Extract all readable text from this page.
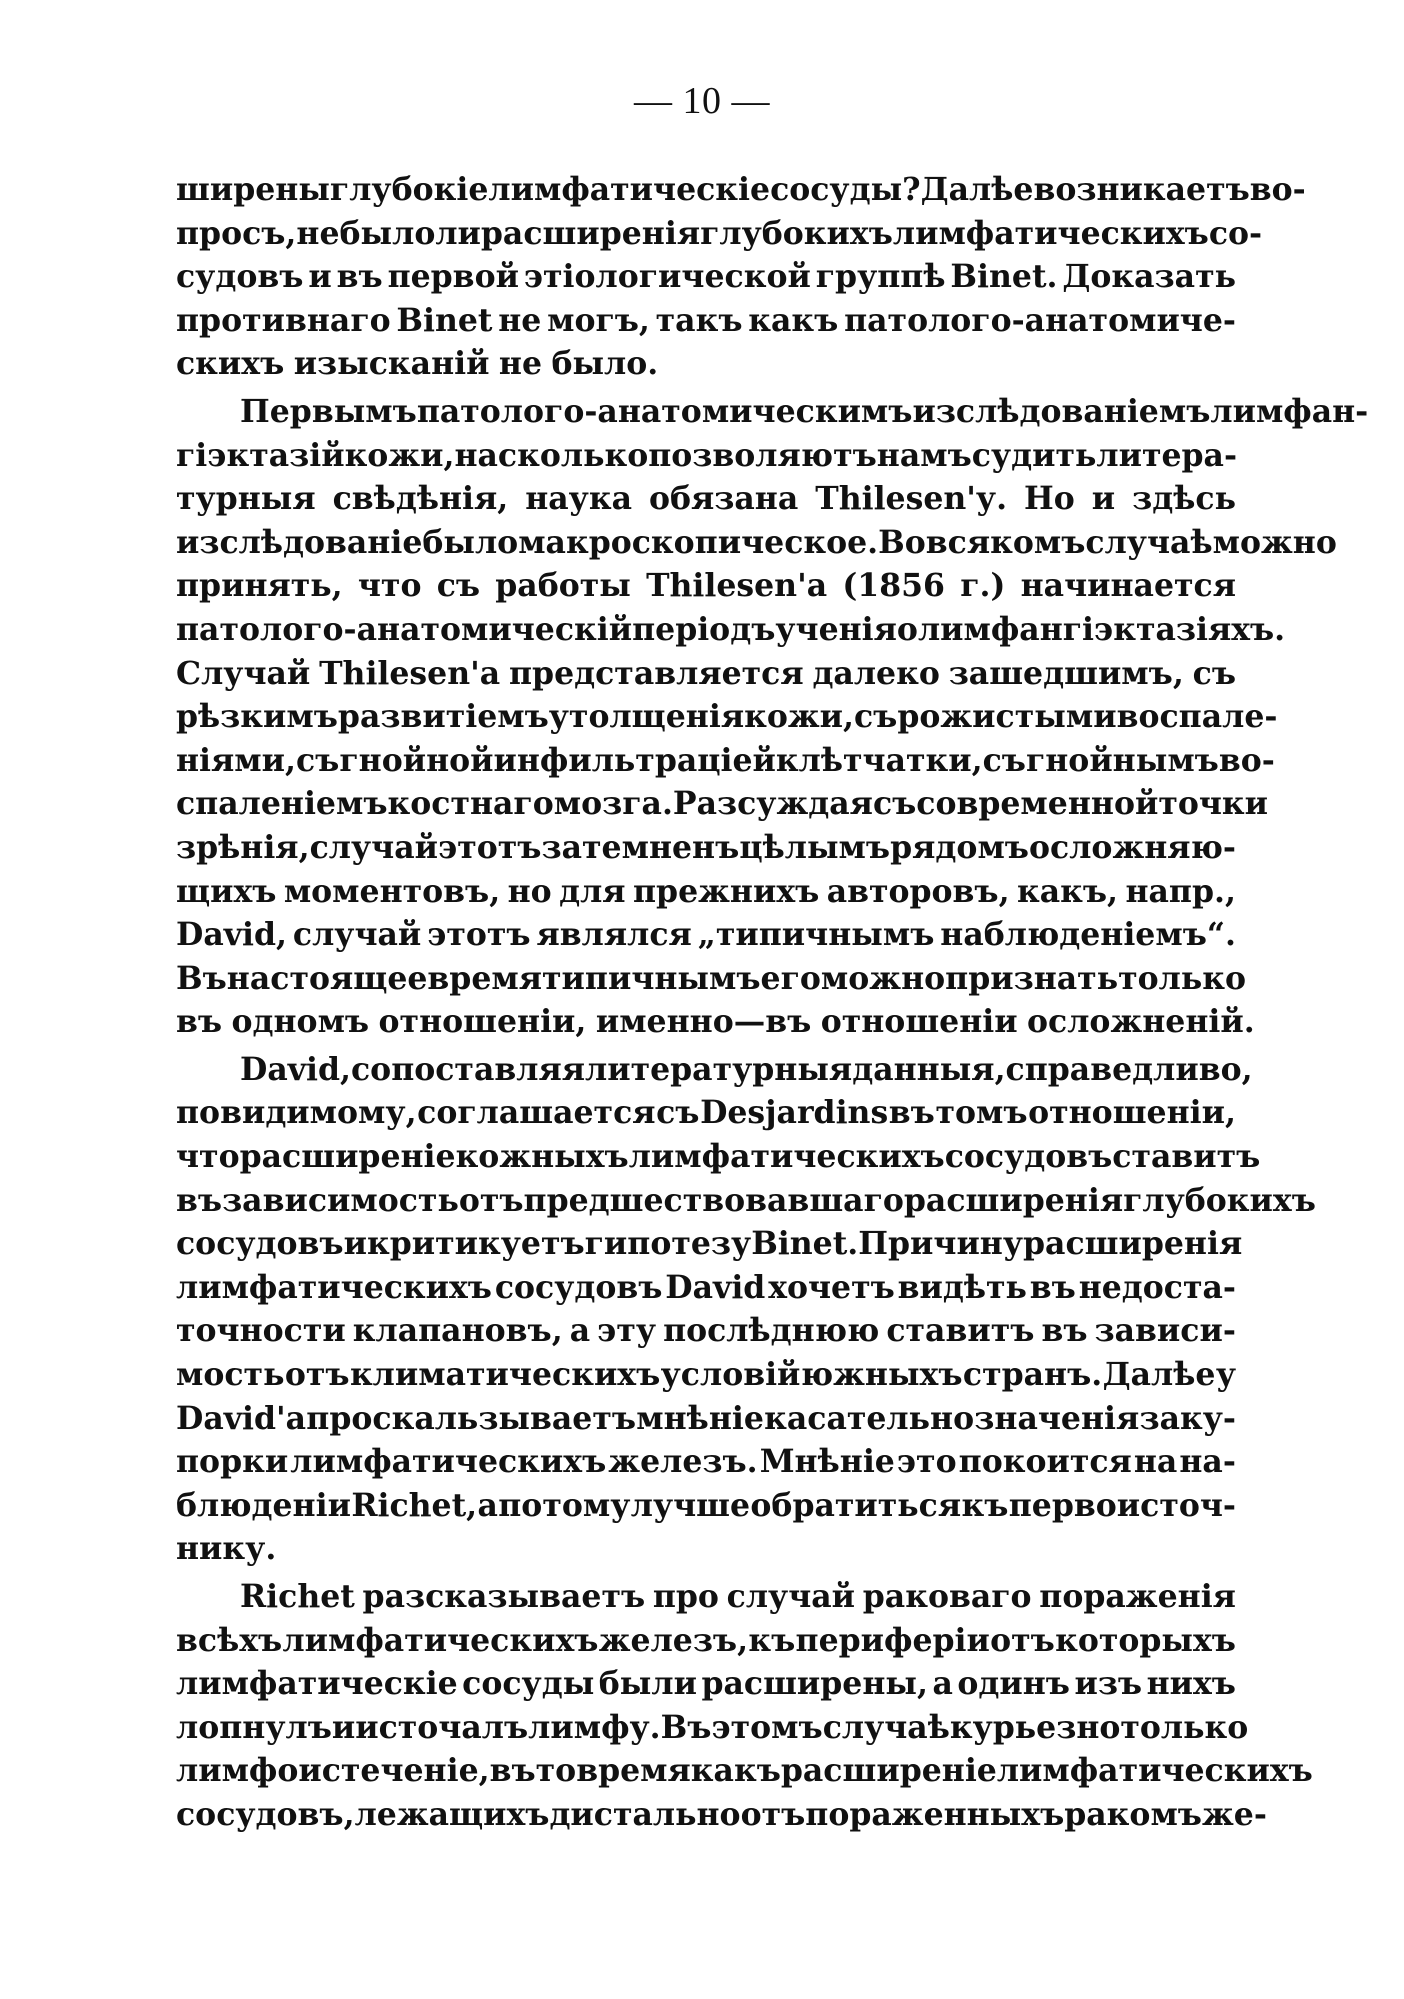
— 10 —
ширены глубокіе лимфатическіе сосуды? Далѣе возникаетъ во-
просъ, не было ли расширенія глубокихъ лимфатическихъ со-
судовъ и въ первой этіологической группѣ Binet. Доказать
противнаго Binet не могъ, такъ какъ патолого-анатомиче-
скихъ изысканій не было.
Первымъ патолого-анатомическимъ изслѣдованіемъ лимфан-
гіэктазій кожи, насколько позволяютъ намъ судить литера-
турныя свѣдѣнія, наука обязана Thilesen'у. Но и здѣсь
изслѣдованіе было макроскопическое. Во всякомъ случаѣ можно
принять, что съ работы Thilesen'а (1856 г.) начинается
патолого-анатомическій періодъ ученія о лимфангіэктазіяхъ.
Случай Thilesen'а представляется далеко зашедшимъ, съ
рѣзкимъ развитіемъ утолщенія кожи, съ рожистыми воспале-
ніями, съ гнойной инфильтраціей клѣтчатки, съ гнойнымъ во-
спаленіемъ костнаго мозга. Разсуждая съ современной точки
зрѣнія, случай этотъ затемненъ цѣлымъ рядомъ осложняю-
щихъ моментовъ, но для прежнихъ авторовъ, какъ, напр.,
David, случай этотъ являлся „типичнымъ наблюденіемъ“.
Въ настоящее время типичнымъ его можно признать только
въ одномъ отношеніи, именно—въ отношеніи осложненій.
David, сопоставляя литературныя данныя, справедливо,
повидимому, соглашается съ Desjardins въ томъ отношеніи,
что расширеніе кожныхъ лимфатическихъ сосудовъ ставитъ
въ зависимость отъ предшествовавшаго расширенія глубокихъ
сосудовъ и критикуетъ гипотезу Binet. Причину расширенія
лимфатическихъ сосудовъ David хочетъ видѣть въ недоста-
точности клапановъ, а эту послѣднюю ставитъ въ зависи-
мость отъ климатическихъ условій южныхъ странъ. Далѣе у
David'а проскальзываетъ мнѣніе касательно значенія заку-
порки лимфатическихъ железъ. Мнѣніе это покоится на на-
блюденіи Richet, а потому лучше обратиться къ первоисточ-
нику.
Richet разсказываетъ про случай раковаго пораженія
всѣхъ лимфатическихъ железъ, къ периферіи отъ которыхъ
лимфатическіе сосуды были расширены, а одинъ изъ нихъ
лопнулъ и источалъ лимфу. Въ этомъ случаѣ курьезно только
лимфоистеченіе, въ то время какъ расширеніе лимфатическихъ
сосудовъ, лежащихъ дистально отъ пораженныхъ ракомъ же-
